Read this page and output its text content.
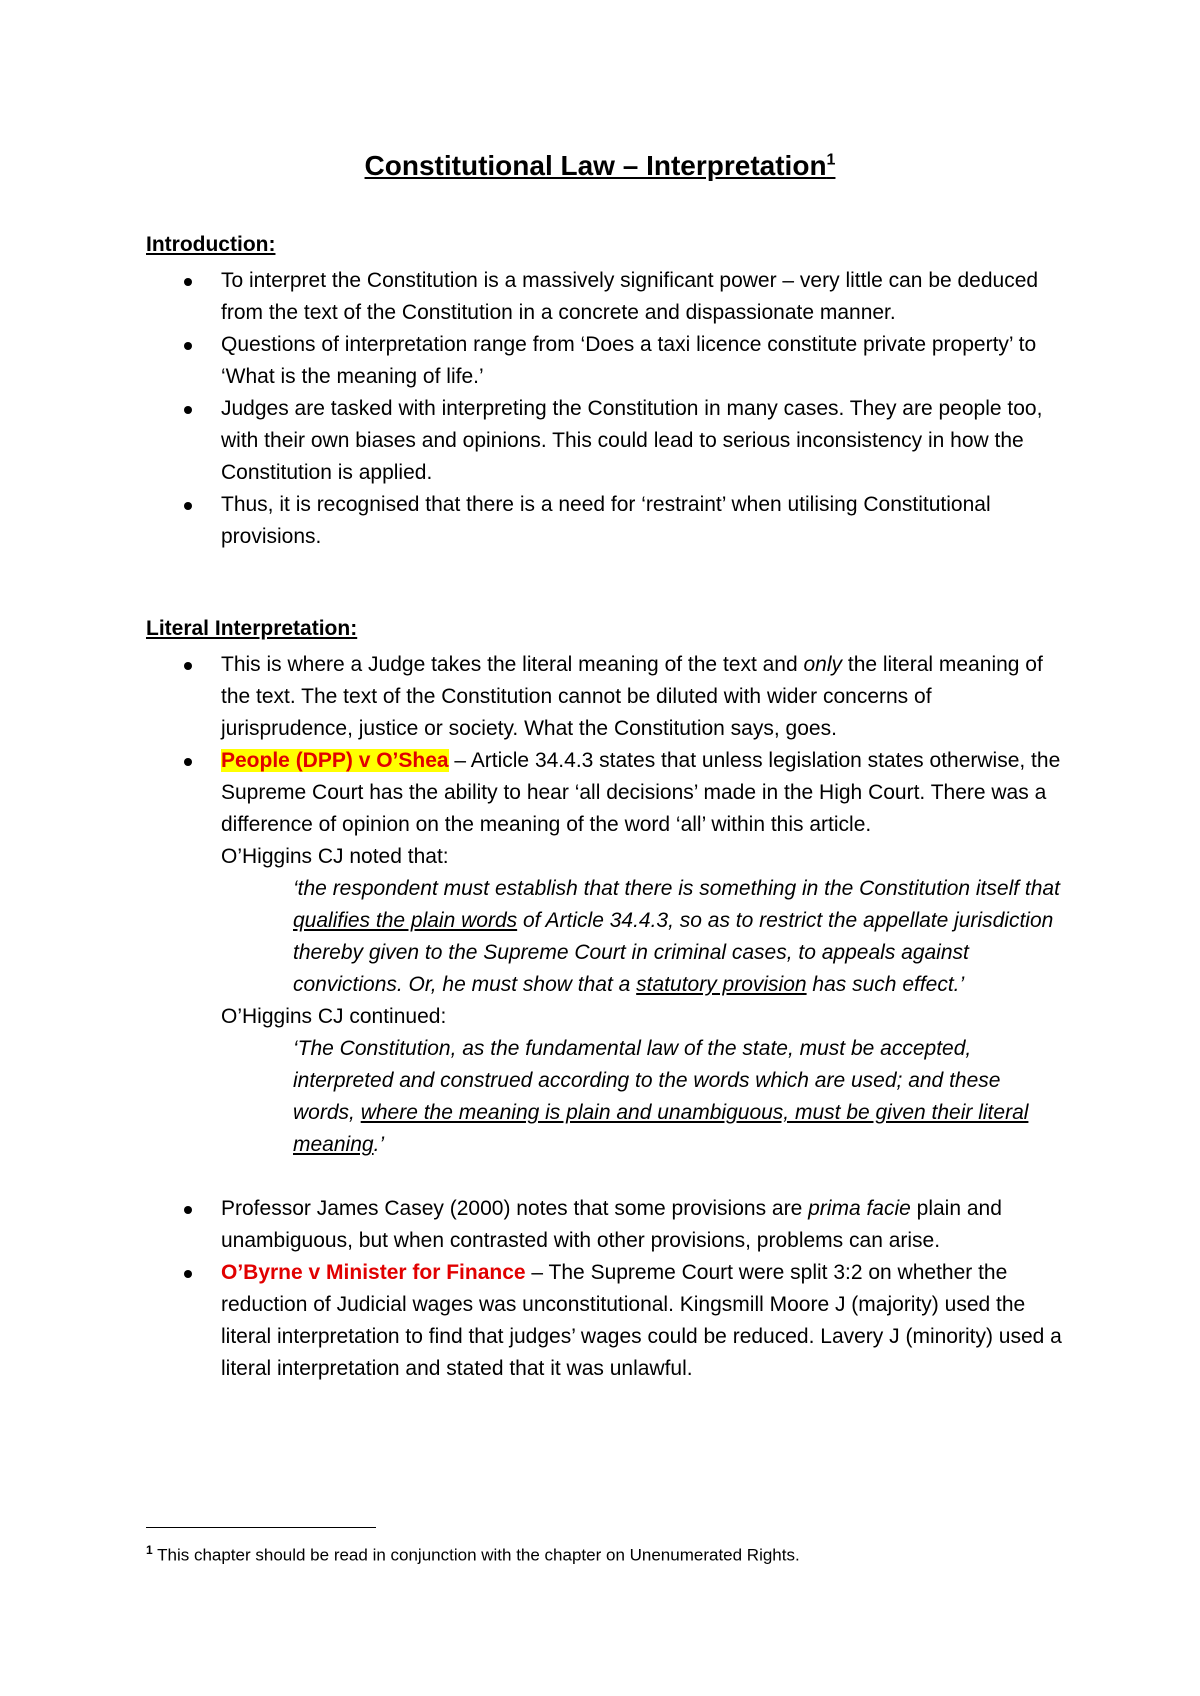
Constitutional Law – Interpretation$^1$
Introduction:
To interpret the Constitution is a massively significant power – very little can be deduced from the text of the Constitution in a concrete and dispassionate manner.
Questions of interpretation range from ‘Does a taxi licence constitute private property’ to ‘What is the meaning of life.’
Judges are tasked with interpreting the Constitution in many cases. They are people too, with their own biases and opinions. This could lead to serious inconsistency in how the Constitution is applied.
Thus, it is recognised that there is a need for ‘restraint’ when utilising Constitutional provisions.
Literal Interpretation:
This is where a Judge takes the literal meaning of the text and only the literal meaning of the text. The text of the Constitution cannot be diluted with wider concerns of jurisprudence, justice or society. What the Constitution says, goes.
People (DPP) v O’Shea – Article 34.4.3 states that unless legislation states otherwise, the Supreme Court has the ability to hear ‘all decisions’ made in the High Court. There was a difference of opinion on the meaning of the word ‘all’ within this article.
O’Higgins CJ noted that:
‘the respondent must establish that there is something in the Constitution itself that qualifies the plain words of Article 34.4.3, so as to restrict the appellate jurisdiction thereby given to the Supreme Court in criminal cases, to appeals against convictions. Or, he must show that a statutory provision has such effect.’
O’Higgins CJ continued:
‘The Constitution, as the fundamental law of the state, must be accepted, interpreted and construed according to the words which are used; and these words, where the meaning is plain and unambiguous, must be given their literal meaning.’
Professor James Casey (2000) notes that some provisions are prima facie plain and unambiguous, but when contrasted with other provisions, problems can arise.
O’Byrne v Minister for Finance – The Supreme Court were split 3:2 on whether the reduction of Judicial wages was unconstitutional. Kingsmill Moore J (majority) used the literal interpretation to find that judges’ wages could be reduced. Lavery J (minority) used a literal interpretation and stated that it was unlawful.
$^1$ This chapter should be read in conjunction with the chapter on Unenumerated Rights.
